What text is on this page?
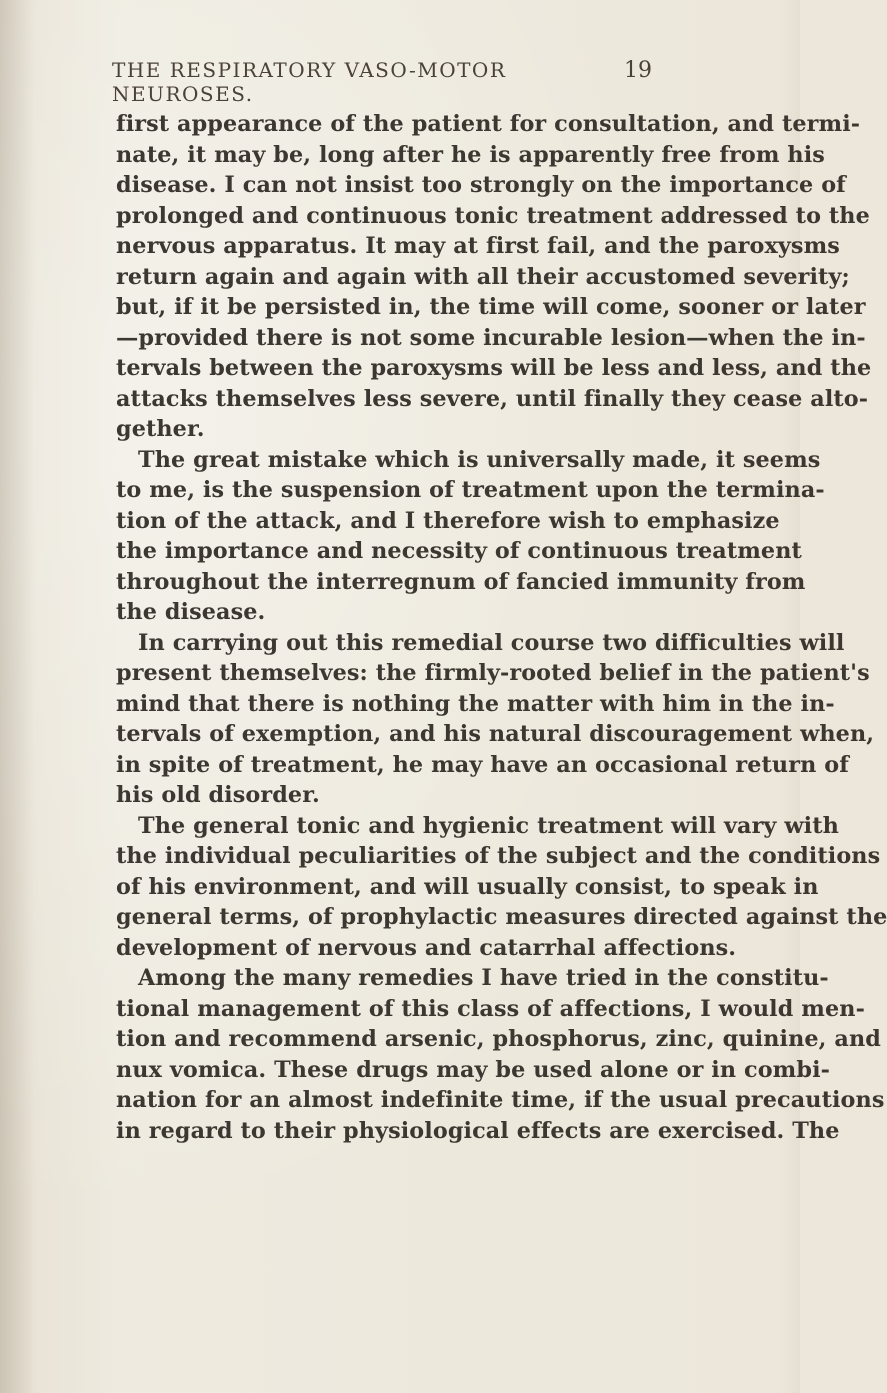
THE RESPIRATORY VASO-MOTOR NEUROSES.
19
first appearance of the patient for consultation, and termi-
nate, it may be, long after he is apparently free from his
disease. I can not insist too strongly on the importance of
prolonged and continuous tonic treatment addressed to the
nervous apparatus. It may at first fail, and the paroxysms
return again and again with all their accustomed severity;
but, if it be persisted in, the time will come, sooner or later
—provided there is not some incurable lesion—when the in-
tervals between the paroxysms will be less and less, and the
attacks themselves less severe, until finally they cease alto-
gether.
The great mistake which is universally made, it seems
to me, is the suspension of treatment upon the termina-
tion of the attack, and I therefore wish to emphasize
the importance and necessity of continuous treatment
throughout the interregnum of fancied immunity from
the disease.
In carrying out this remedial course two difficulties will
present themselves: the firmly-rooted belief in the patient's
mind that there is nothing the matter with him in the in-
tervals of exemption, and his natural discouragement when,
in spite of treatment, he may have an occasional return of
his old disorder.
The general tonic and hygienic treatment will vary with
the individual peculiarities of the subject and the conditions
of his environment, and will usually consist, to speak in
general terms, of prophylactic measures directed against the
development of nervous and catarrhal affections.
Among the many remedies I have tried in the constitu-
tional management of this class of affections, I would men-
tion and recommend arsenic, phosphorus, zinc, quinine, and
nux vomica. These drugs may be used alone or in combi-
nation for an almost indefinite time, if the usual precautions
in regard to their physiological effects are exercised. The
